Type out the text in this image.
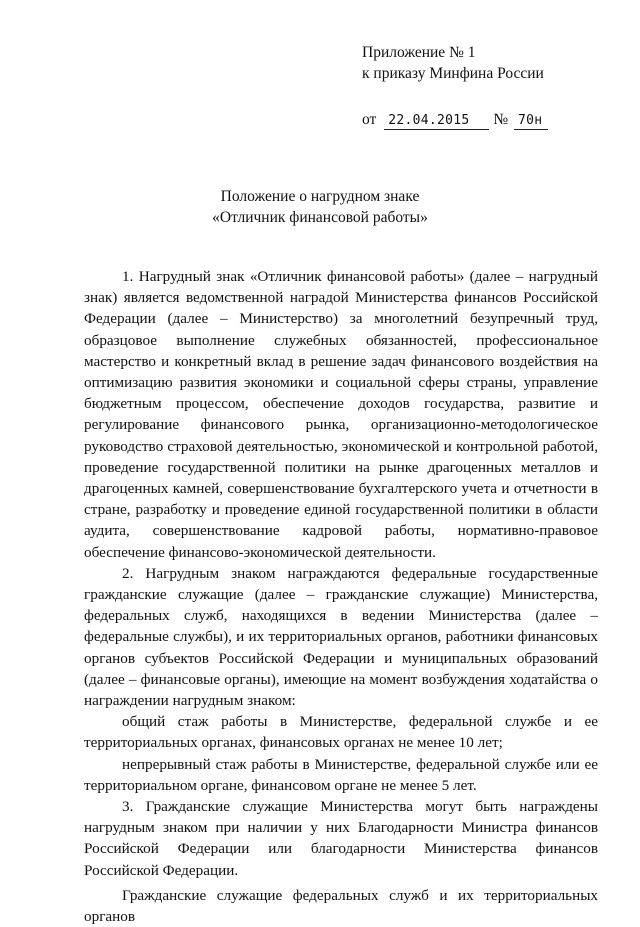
Приложение № 1
к приказу Минфина России
от 22.04.2015 № 70н
Положение о нагрудном знаке
«Отличник финансовой работы»

1. Нагрудный знак «Отличник финансовой работы» (далее – нагрудный знак) является ведомственной наградой Министерства финансов Российской Федерации (далее – Министерство) за многолетний безупречный труд, образцовое выполнение служебных обязанностей, профессиональное мастерство и конкретный вклад в решение задач финансового воздействия на оптимизацию развития экономики и социальной сферы страны, управление бюджетным процессом, обеспечение доходов государства, развитие и регулирование финансового рынка, организационно-методологическое руководство страховой деятельностью, экономической и контрольной работой, проведение государственной политики на рынке драгоценных металлов и драгоценных камней, совершенствование бухгалтерского учета и отчетности в стране, разработку и проведение единой государственной политики в области аудита, совершенствование кадровой работы, нормативно-правовое обеспечение финансово-экономической деятельности.

2. Нагрудным знаком награждаются федеральные государственные гражданские служащие (далее – гражданские служащие) Министерства, федеральных служб, находящихся в ведении Министерства (далее – федеральные службы), и их территориальных органов, работники финансовых органов субъектов Российской Федерации и муниципальных образований (далее – финансовые органы), имеющие на момент возбуждения ходатайства о награждении нагрудным знаком:

общий стаж работы в Министерстве, федеральной службе и ее территориальных органах, финансовых органах не менее 10 лет;

непрерывный стаж работы в Министерстве, федеральной службе или ее территориальном органе, финансовом органе не менее 5 лет.

3. Гражданские служащие Министерства могут быть награждены нагрудным знаком при наличии у них Благодарности Министра финансов Российской Федерации или благодарности Министерства финансов Российской Федерации.

Гражданские служащие федеральных служб и их территориальных органов
